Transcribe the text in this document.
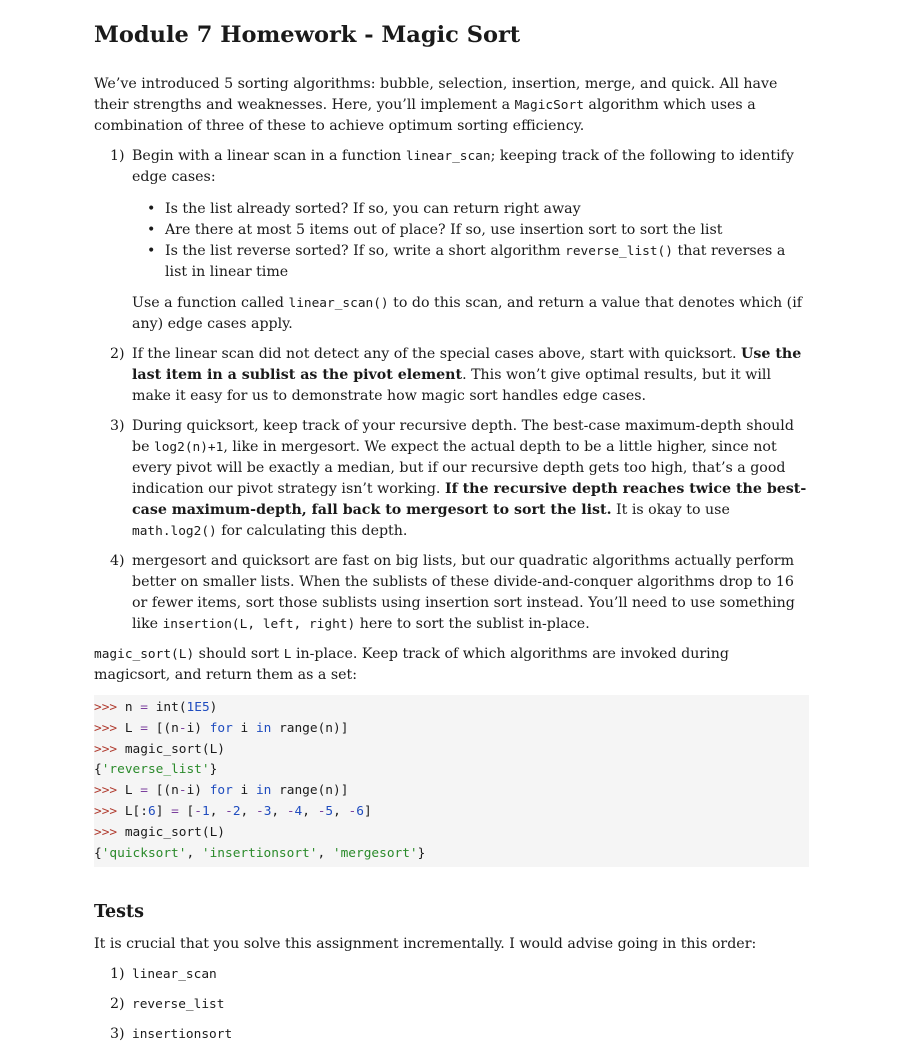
Module 7 Homework - Magic Sort

We’ve introduced 5 sorting algorithms: bubble, selection, insertion, merge, and quick. All have their strengths and weaknesses. Here, you’ll implement a MagicSort algorithm which uses a combination of three of these to achieve optimum sorting efficiency.

1) Begin with a linear scan in a function linear_scan; keeping track of the following to identify edge cases:
• Is the list already sorted? If so, you can return right away
• Are there at most 5 items out of place? If so, use insertion sort to sort the list
• Is the list reverse sorted? If so, write a short algorithm reverse_list() that reverses a list in linear time
Use a function called linear_scan() to do this scan, and return a value that denotes which (if any) edge cases apply.
2) If the linear scan did not detect any of the special cases above, start with quicksort. Use the last item in a sublist as the pivot element. This won’t give optimal results, but it will make it easy for us to demonstrate how magic sort handles edge cases.
3) During quicksort, keep track of your recursive depth. The best-case maximum-depth should be log2(n)+1, like in mergesort. We expect the actual depth to be a little higher, since not every pivot will be exactly a median, but if our recursive depth gets too high, that’s a good indication our pivot strategy isn’t working. If the recursive depth reaches twice the best-case maximum-depth, fall back to mergesort to sort the list. It is okay to use math.log2() for calculating this depth.
4) mergesort and quicksort are fast on big lists, but our quadratic algorithms actually perform better on smaller lists. When the sublists of these divide-and-conquer algorithms drop to 16 or fewer items, sort those sublists using insertion sort instead. You’ll need to use something like insertion(L, left, right) here to sort the sublist in-place.

magic_sort(L) should sort L in-place. Keep track of which algorithms are invoked during magicsort, and return them as a set:

>>> n = int(1E5)
>>> L = [(n-i) for i in range(n)]
>>> magic_sort(L)
{'reverse_list'}
>>> L = [(n-i) for i in range(n)]
>>> L[:6] = [-1, -2, -3, -4, -5, -6]
>>> magic_sort(L)
{'quicksort', 'insertionsort', 'mergesort'}
Tests

It is crucial that you solve this assignment incrementally. I would advise going in this order:

1) linear_scan
2) reverse_list
3) insertionsort
